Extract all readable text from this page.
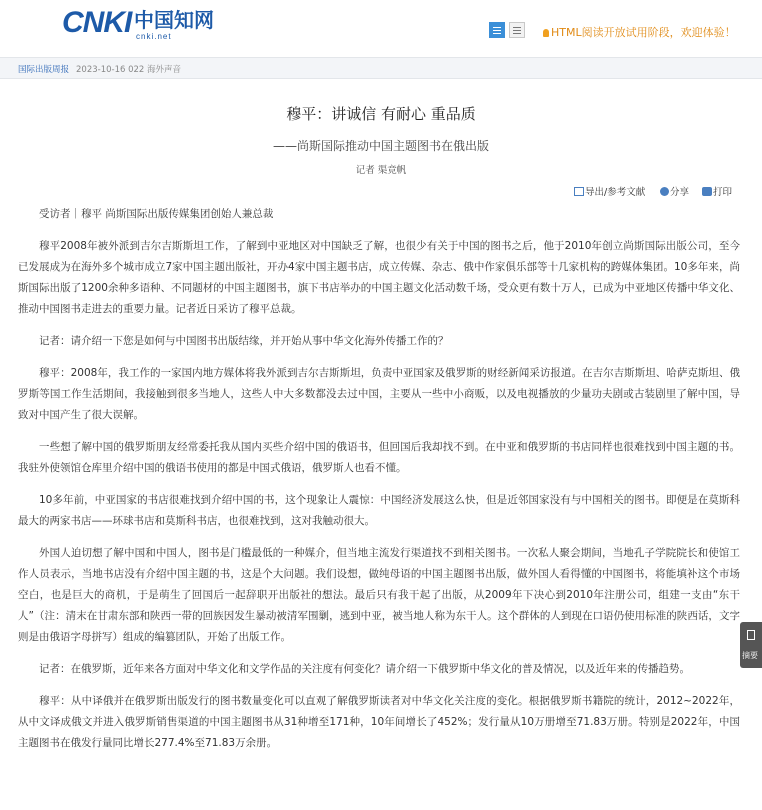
CNKI 中国知网
cnki.net	HTML阅读开放试用阶段，欢迎体验！
国际出版周报 2023-10-16 022 海外声音
穆平：讲诚信 有耐心 重品质
——尚斯国际推动中国主题图书在俄出版
记者 渠竞帆
导出/参考文献	分享	打印

受访者｜穆平 尚斯国际出版传媒集团创始人兼总裁

穆平2008年被外派到吉尔吉斯斯坦工作，了解到中亚地区对中国缺乏了解，也很少有关于中国的图书之后，他于2010年创立尚斯国际出版公司，至今已发展成为在海外多个城市成立7家中国主题出版社，开办4家中国主题书店，成立传媒、杂志、俄中作家俱乐部等十几家机构的跨媒体集团。10多年来，尚斯国际出版了1200余种多语种、不同题材的中国主题图书，旗下书店举办的中国主题文化活动数千场，受众更有数十万人，已成为中亚地区传播中华文化、推动中国图书走进去的重要力量。记者近日采访了穆平总裁。

记者：请介绍一下您是如何与中国图书出版结缘，并开始从事中华文化海外传播工作的？

穆平：2008年，我工作的一家国内地方媒体将我外派到吉尔吉斯斯坦，负责中亚国家及俄罗斯的财经新闻采访报道。在吉尔吉斯斯坦、哈萨克斯坦、俄罗斯等国工作生活期间，我接触到很多当地人，这些人中大多数都没去过中国，主要从一些中小商贩，以及电视播放的少量功夫剧或古装剧里了解中国，导致对中国产生了很大误解。

一些想了解中国的俄罗斯朋友经常委托我从国内买些介绍中国的俄语书，但回国后我却找不到。在中亚和俄罗斯的书店同样也很难找到中国主题的书。我驻外使领馆仓库里介绍中国的俄语书使用的都是中国式俄语，俄罗斯人也看不懂。

10多年前，中亚国家的书店很难找到介绍中国的书，这个现象让人震惊：中国经济发展这么快，但是近邻国家没有与中国相关的图书。即便是在莫斯科最大的两家书店——环球书店和莫斯科书店，也很难找到，这对我触动很大。

外国人迫切想了解中国和中国人，图书是门槛最低的一种媒介，但当地主流发行渠道找不到相关图书。一次私人聚会期间，当地孔子学院院长和使馆工作人员表示，当地书店没有介绍中国主题的书，这是个大问题。我们设想，做纯母语的中国主题图书出版，做外国人看得懂的中国图书，将能填补这个市场空白，也是巨大的商机，于是萌生了回国后一起辞职开出版社的想法。最后只有我干起了出版，从2009年下决心到2010年注册公司，组建一支由“东干人”（注：清末在甘肃东部和陕西一带的回族因发生暴动被清军围剿，逃到中亚，被当地人称为东干人。这个群体的人到现在口语仍使用标准的陕西话，文字则是由俄语字母拼写）组成的编篡团队，开始了出版工作。

记者：在俄罗斯，近年来各方面对中华文化和文学作品的关注度有何变化？请介绍一下俄罗斯中华文化的普及情况，以及近年来的传播趋势。

穆平：从中译俄并在俄罗斯出版发行的图书数量变化可以直观了解俄罗斯读者对中华文化关注度的变化。根据俄罗斯书籍院的统计，2012~2022年，从中文译成俄文并进入俄罗斯销售渠道的中国主题图书从31种增至171种，10年间增长了452%；发行量从10万册增至71.83万册。特别是2022年，中国主题图书在俄发行量同比增长277.4%至71.83万余册。

摘要
